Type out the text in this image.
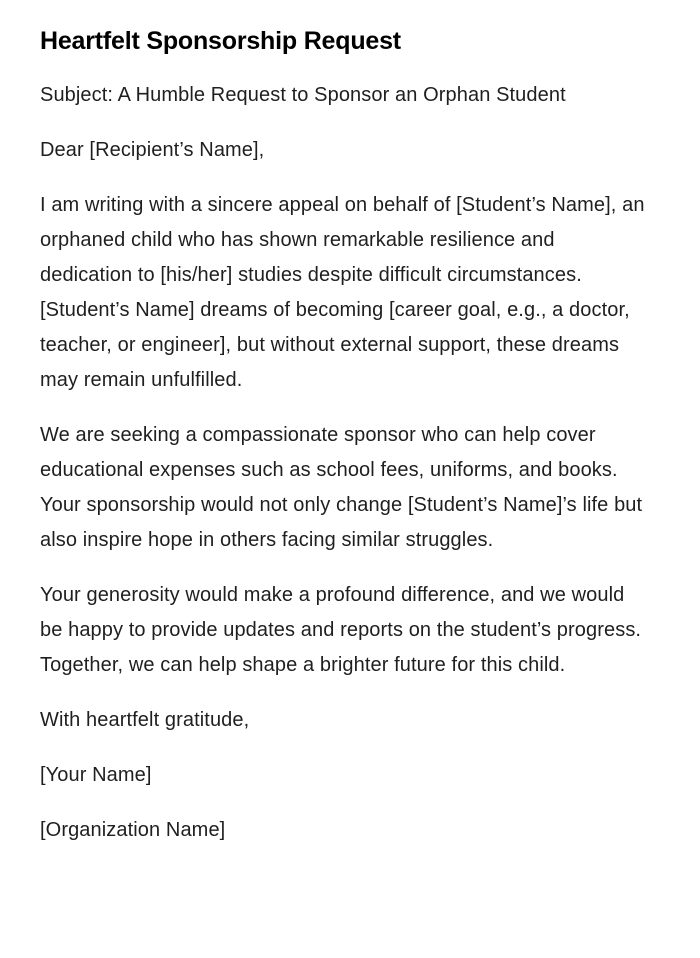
Heartfelt Sponsorship Request

Subject: A Humble Request to Sponsor an Orphan Student

Dear [Recipient’s Name],

I am writing with a sincere appeal on behalf of [Student’s Name], an orphaned child who has shown remarkable resilience and dedication to [his/her] studies despite difficult circumstances. [Student’s Name] dreams of becoming [career goal, e.g., a doctor, teacher, or engineer], but without external support, these dreams may remain unfulfilled.

We are seeking a compassionate sponsor who can help cover educational expenses such as school fees, uniforms, and books. Your sponsorship would not only change [Student’s Name]’s life but also inspire hope in others facing similar struggles.

Your generosity would make a profound difference, and we would be happy to provide updates and reports on the student’s progress. Together, we can help shape a brighter future for this child.

With heartfelt gratitude,

[Your Name]

[Organization Name]
